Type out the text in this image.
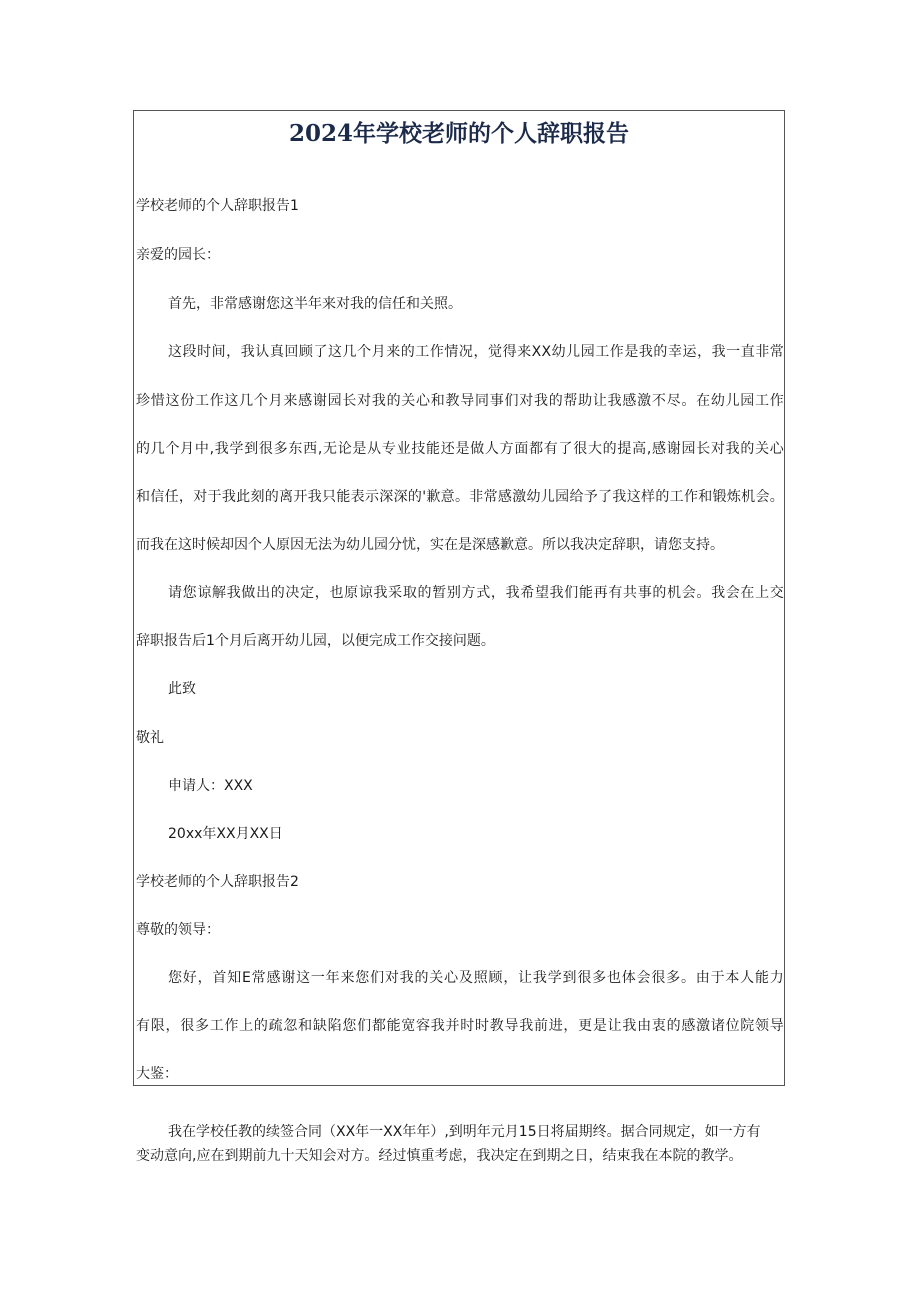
2024年学校老师的个人辞职报告

学校老师的个人辞职报告1

亲爱的园长：

首先，非常感谢您这半年来对我的信任和关照。

这段时间，我认真回顾了这几个月来的工作情况，觉得来XX幼儿园工作是我的幸运，我一直非常

珍惜这份工作这几个月来感谢园长对我的关心和教导同事们对我的帮助让我感激不尽。在幼儿园工作

的几个月中,我学到很多东西,无论是从专业技能还是做人方面都有了很大的提高,感谢园长对我的关心

和信任，对于我此刻的离开我只能表示深深的'歉意。非常感激幼儿园给予了我这样的工作和锻炼机会。

而我在这时候却因个人原因无法为幼儿园分忧，实在是深感歉意。所以我决定辞职，请您支持。

请您谅解我做出的决定，也原谅我采取的暂别方式，我希望我们能再有共事的机会。我会在上交

辞职报告后1个月后离开幼儿园，以便完成工作交接问题。

此致

敬礼

申请人：XXX

20xx年XX月XX日

学校老师的个人辞职报告2

尊敬的领导：

您好，首知E常感谢这一年来您们对我的关心及照顾，让我学到很多也体会很多。由于本人能力

有限，很多工作上的疏忽和缺陷您们都能宽容我并时时教导我前进，更是让我由衷的感激诸位院领导

大鉴：

我在学校任教的续签合同（XX年一XX年年）,到明年元月15日将届期终。据合同规定，如一方有

变动意向,应在到期前九十天知会对方。经过慎重考虑，我决定在到期之日，结束我在本院的教学。
